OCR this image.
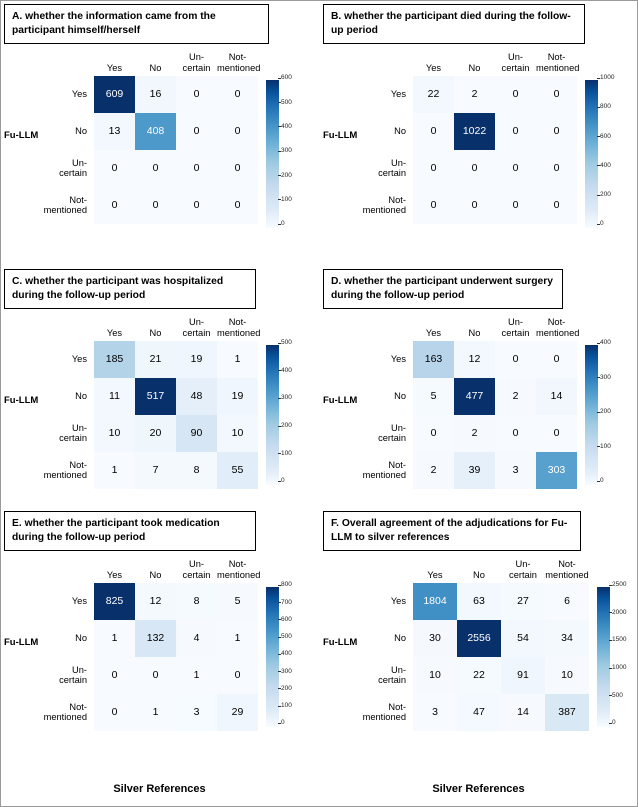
A. whether the information came from the participant himself/herself
Fu-LLM
Yes	No
Un-
certain
Not-
mentioned
Yes	609	16	0	0
No	13	408	0	0
Un-
certain	0	0	0	0
Not-
mentioned	0	0	0	0
0
100
200
300
400
500
600
B. whether the participant died during the follow-up period
Fu-LLM
Yes	No
Un-
certain
Not-
mentioned
Yes	22	2	0	0
No	0	1022	0	0
Un-
certain	0	0	0	0
Not-
mentioned	0	0	0	0
0
200
400
600
800
1000
C. whether the participant was hospitalized during the follow-up period
Fu-LLM
Yes	No
Un-
certain
Not-
mentioned
Yes	185	21	19	1
No	11	517	48	19
Un-
certain	10	20	90	10
Not-
mentioned	1	7	8	55
0
100
200
300
400
500
D. whether the participant underwent surgery during the follow-up period
Fu-LLM
Yes	No
Un-
certain
Not-
mentioned
Yes	163	12	0	0
No	5	477	2	14
Un-
certain	0	2	0	0
Not-
mentioned	2	39	3	303
0
100
200
300
400
E. whether the participant took medication during the follow-up period
Fu-LLM
Yes	No
Un-
certain
Not-
mentioned
Yes	825	12	8	5
No	1	132	4	1
Un-
certain	0	0	1	0
Not-
mentioned	0	1	3	29
0
100
200
300
400
500
600
700
800
Silver References
F. Overall agreement of the adjudications for Fu-LLM to silver references
Fu-LLM
Yes	No
Un-
certain
Not-
mentioned
Yes	1804	63	27	6
No	30	2556	54	34
Un-
certain	10	22	91	10
Not-
mentioned	3	47	14	387
0
500
1000
1500
2000
2500
Silver References
